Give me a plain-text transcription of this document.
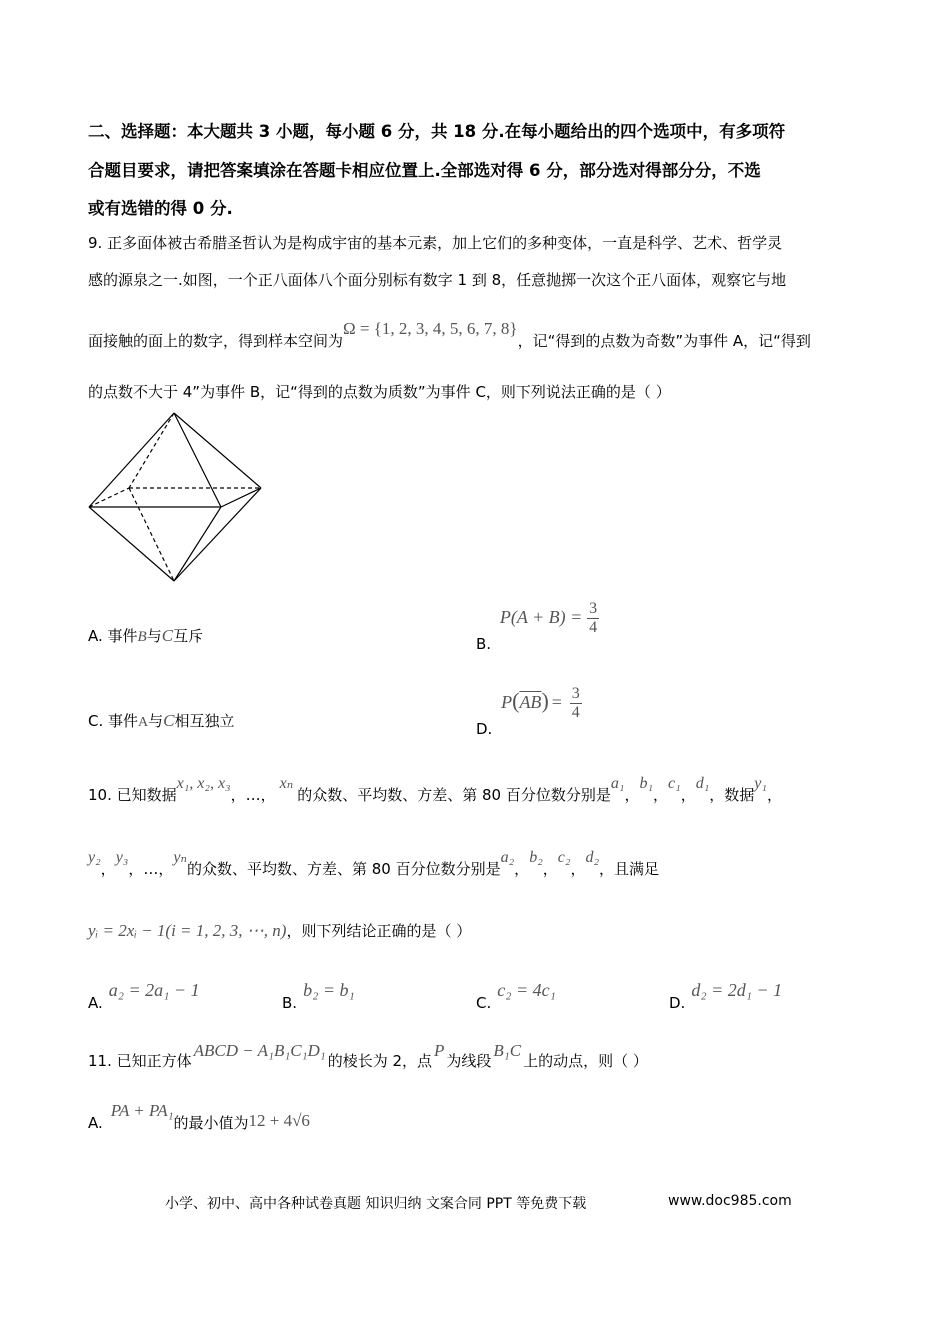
二、选择题：本大题共 3 小题，每小题 6 分，共 18 分.在每小题给出的四个选项中，有多项符
合题目要求，请把答案填涂在答题卡相应位置上.全部选对得 6 分，部分选对得部分分，不选
或有选错的得 0 分.
9. 正多面体被古希腊圣哲认为是构成宇宙的基本元素，加上它们的多种变体，一直是科学、艺术、哲学灵
感的源泉之一.如图，一个正八面体八个面分别标有数字 1 到 8，任意抛掷一次这个正八面体，观察它与地
面接触的面上的数字，得到样本空间为Ω = {1, 2, 3, 4, 5, 6, 7, 8}，记“得到的点数为奇数”为事件 A，记“得到
的点数不大于 4”为事件 B，记“得到的点数为质数”为事件 C，则下列说法正确的是（ ）
A. 事件B与C互斥	B. $P(A + B) = \frac{3}{4}$
C. 事件A与C相互独立	D. $P(\overline{AB}) = \frac{3}{4}$
10. 已知数据x₁, x₂, x₃，…，xₙ的众数、平均数、方差、第 80 百分位数分别是a₁，b₁，c₁，d₁，数据y₁，
y₂，y₃，…，yₙ的众数、平均数、方差、第 80 百分位数分别是a₂，b₂，c₂，d₂，且满足
yᵢ = 2xᵢ − 1(i = 1, 2, 3, ⋯, n)，则下列结论正确的是（ ）
A.a₂ = 2a₁ − 1
B.b₂ = b₁
C.c₂ = 4c₁
D.d₂ = 2d₁ − 1
11. 已知正方体ABCD − A₁B₁C₁D₁的棱长为 2，点P为线段B₁C上的动点，则（ ）
A.PA + PA₁的最小值为12 + 4√6
小学、初中、高中各种试卷真题 知识归纳 文案合同 PPT 等免费下载	www.doc985.com
